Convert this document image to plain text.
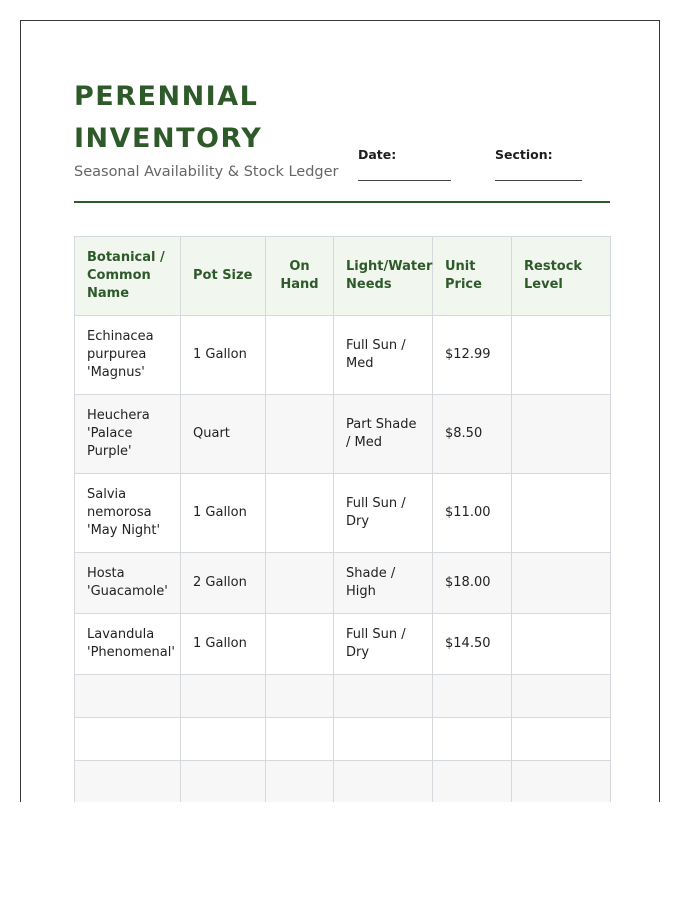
PERENNIAL
INVENTORY
Seasonal Availability & Stock Ledger
Date:	Section:
Botanical / Common Name	Pot Size	On Hand	Light/Water Needs	Unit Price	Restock Level
Echinacea purpurea 'Magnus'	1 Gallon		Full Sun / Med	$12.99	
Heuchera 'Palace Purple'	Quart		Part Shade / Med	$8.50	
Salvia nemorosa 'May Night'	1 Gallon		Full Sun / Dry	$11.00	
Hosta 'Guacamole'	2 Gallon		Shade / High	$18.00	
Lavandula 'Phenomenal'	1 Gallon		Full Sun / Dry	$14.50	
